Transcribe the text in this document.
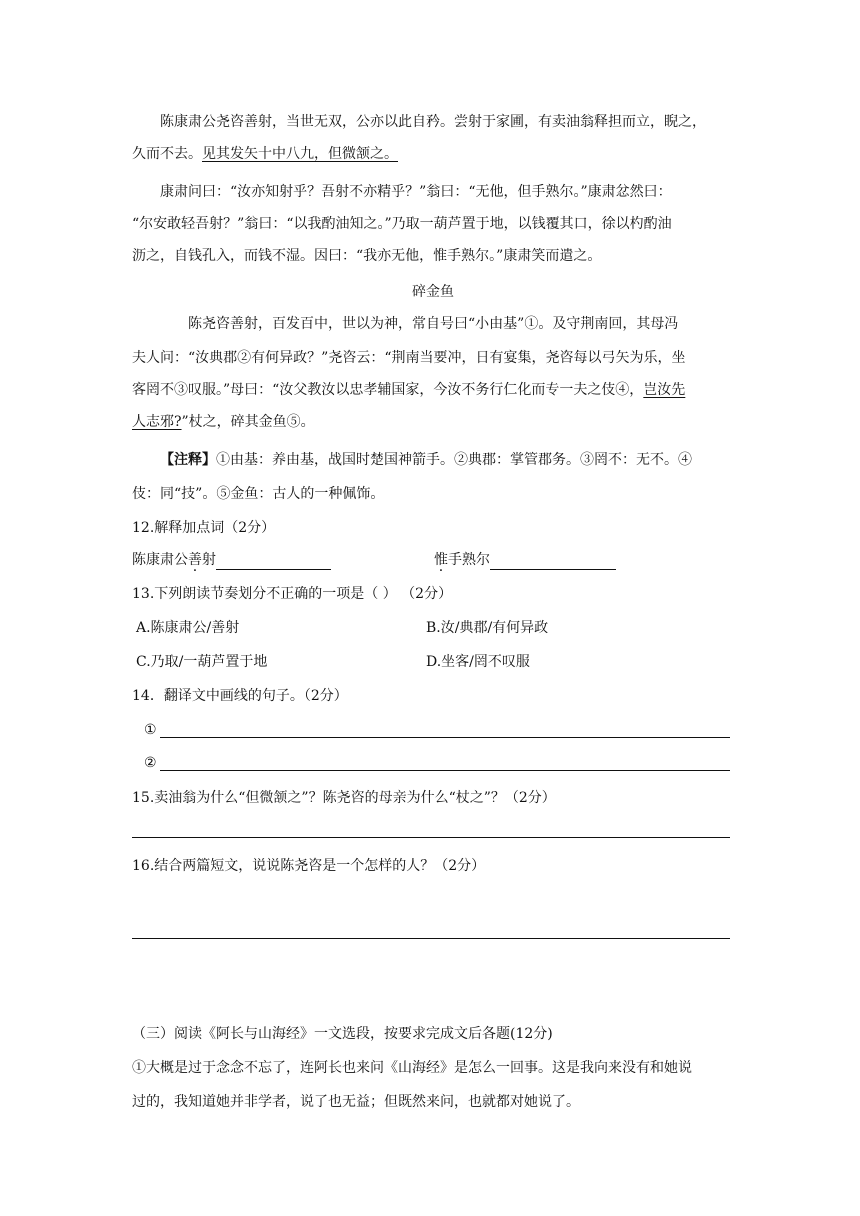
陈康肃公尧咨善射，当世无双，公亦以此自矜。尝射于家圃，有卖油翁释担而立，睨之，
久而不去。见其发矢十中八九，但微颔之。
康肃问曰：“汝亦知射乎？吾射不亦精乎？”翁曰：“无他，但手熟尔。”康肃忿然曰：
“尔安敢轻吾射？”翁曰：“以我酌油知之。”乃取一葫芦置于地，以钱覆其口，徐以杓酌油
沥之，自钱孔入，而钱不湿。因曰：“我亦无他，惟手熟尔。”康肃笑而遣之。
碎金鱼
陈尧咨善射，百发百中，世以为神，常自号曰“小由基”①。及守荆南回，其母冯
夫人问：“汝典郡②有何异政？”尧咨云：“荆南当要冲，日有宴集，尧咨每以弓矢为乐，坐
客罔不③叹服。”母曰：“汝父教汝以忠孝辅国家，今汝不务行仁化而专一夫之伎④，岂汝先
人志邪?”杖之，碎其金鱼⑤。
【注释】①由基：养由基，战国时楚国神箭手。②典郡：掌管郡务。③罔不：无不。④
伎：同“技”。⑤金鱼：古人的一种佩饰。
12.解释加点词（2分）
陈康肃公善射	惟手熟尔
13.下列朗读节奏划分不正确的一项是（ ） （2分）
A.陈康肃公/善射	B.汝/典郡/有何异政
C.乃取/一葫芦置于地	D.坐客/罔不叹服
14．翻译文中画线的句子。（2分）
①
②
15.卖油翁为什么“但微颔之”？陈尧咨的母亲为什么“杖之”？（2分）
16.结合两篇短文，说说陈尧咨是一个怎样的人？（2分）
（三）阅读《阿长与山海经》一文选段，按要求完成文后各题(12分)
①大概是过于念念不忘了，连阿长也来问《山海经》是怎么一回事。这是我向来没有和她说
过的，我知道她并非学者，说了也无益；但既然来问，也就都对她说了。
